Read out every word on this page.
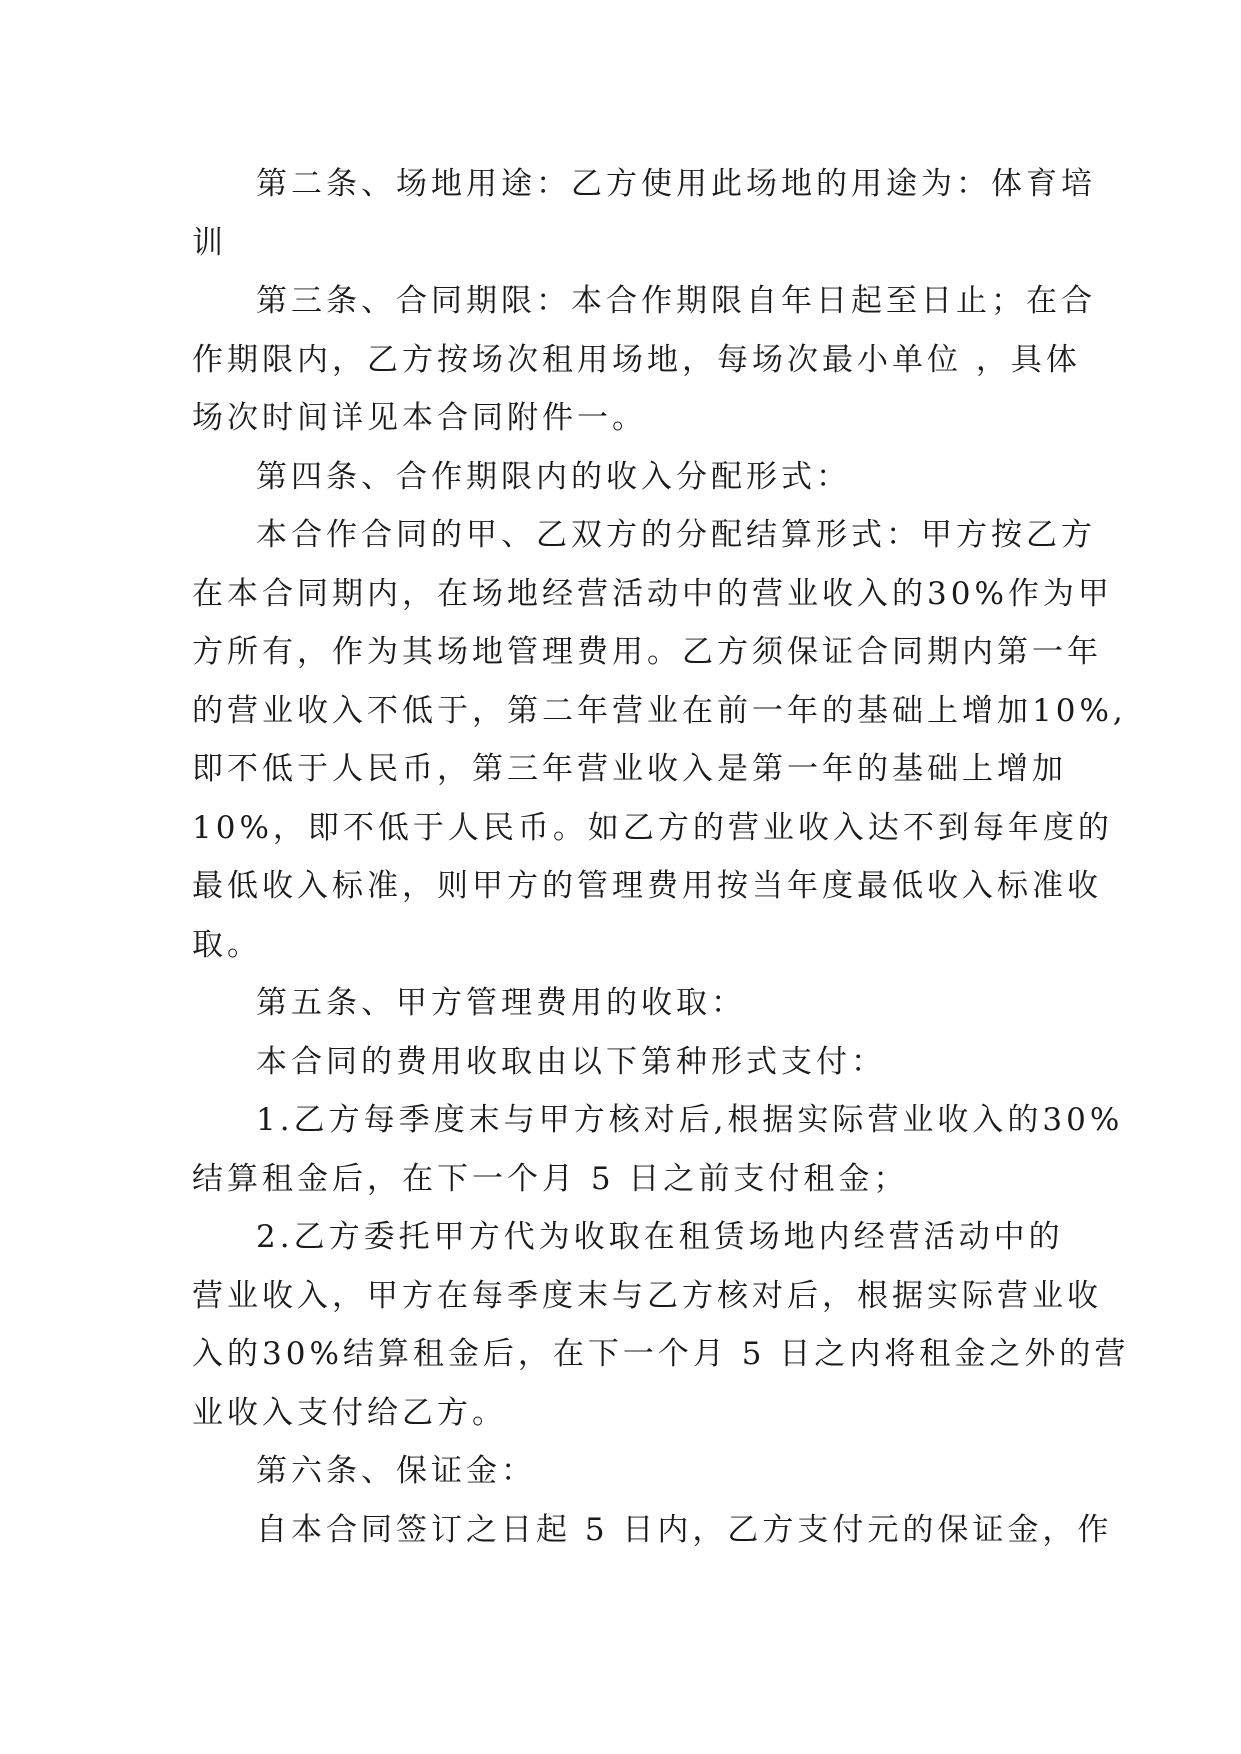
第二条、场地用途：乙方使用此场地的用途为：体育培
训

第三条、合同期限：本合作期限自年日起至日止；在合
作期限内，乙方按场次租用场地，每场次最小单位 ，具体
场次时间详见本合同附件一。

第四条、合作期限内的收入分配形式：

本合作合同的甲、乙双方的分配结算形式：甲方按乙方
在本合同期内，在场地经营活动中的营业收入的30%作为甲
方所有，作为其场地管理费用。乙方须保证合同期内第一年
的营业收入不低于，第二年营业在前一年的基础上增加10%,
即不低于人民币，第三年营业收入是第一年的基础上增加
10%，即不低于人民币。如乙方的营业收入达不到每年度的
最低收入标准，则甲方的管理费用按当年度最低收入标准收
取。

第五条、甲方管理费用的收取：

本合同的费用收取由以下第种形式支付：

1.乙方每季度末与甲方核对后,根据实际营业收入的30%
结算租金后，在下一个月 5 日之前支付租金；

2.乙方委托甲方代为收取在租赁场地内经营活动中的
营业收入，甲方在每季度末与乙方核对后，根据实际营业收
入的30%结算租金后，在下一个月 5 日之内将租金之外的营
业收入支付给乙方。

第六条、保证金：

自本合同签订之日起 5 日内，乙方支付元的保证金，作
